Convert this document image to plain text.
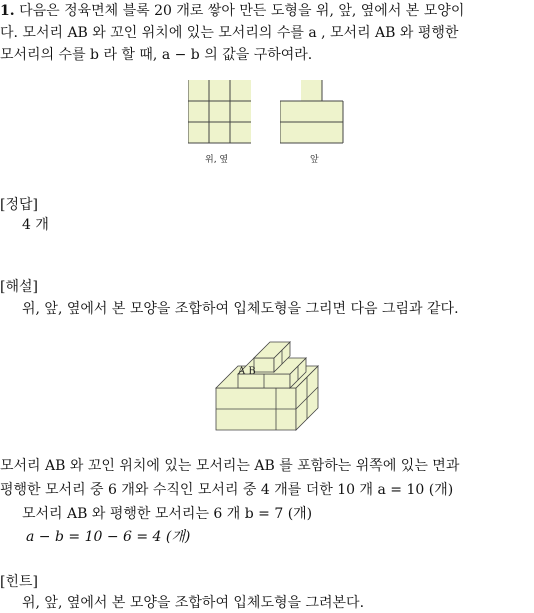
1. 다음은 정육면체 블록 20 개로 쌓아 만든 도형을 위, 앞, 옆에서 본 모양이
다. 모서리 AB 와 꼬인 위치에 있는 모서리의 수를 a , 모서리 AB 와 평행한
모서리의 수를 b 라 할 때, a − b 의 값을 구하여라.
위, 옆	앞
[정답]
4 개
[해설]
위, 앞, 옆에서 본 모양을 조합하여 입체도형을 그리면 다음 그림과 같다.
A B
모서리 AB 와 꼬인 위치에 있는 모서리는 AB 를 포함하는 위쪽에 있는 면과
평행한 모서리 중 6 개와 수직인 모서리 중 4 개를 더한 10 개 a = 10 (개)
모서리 AB 와 평행한 모서리는 6 개 b = 7 (개)
a − b = 10 − 6 = 4 (개)
[힌트]
위, 앞, 옆에서 본 모양을 조합하여 입체도형을 그려본다.
